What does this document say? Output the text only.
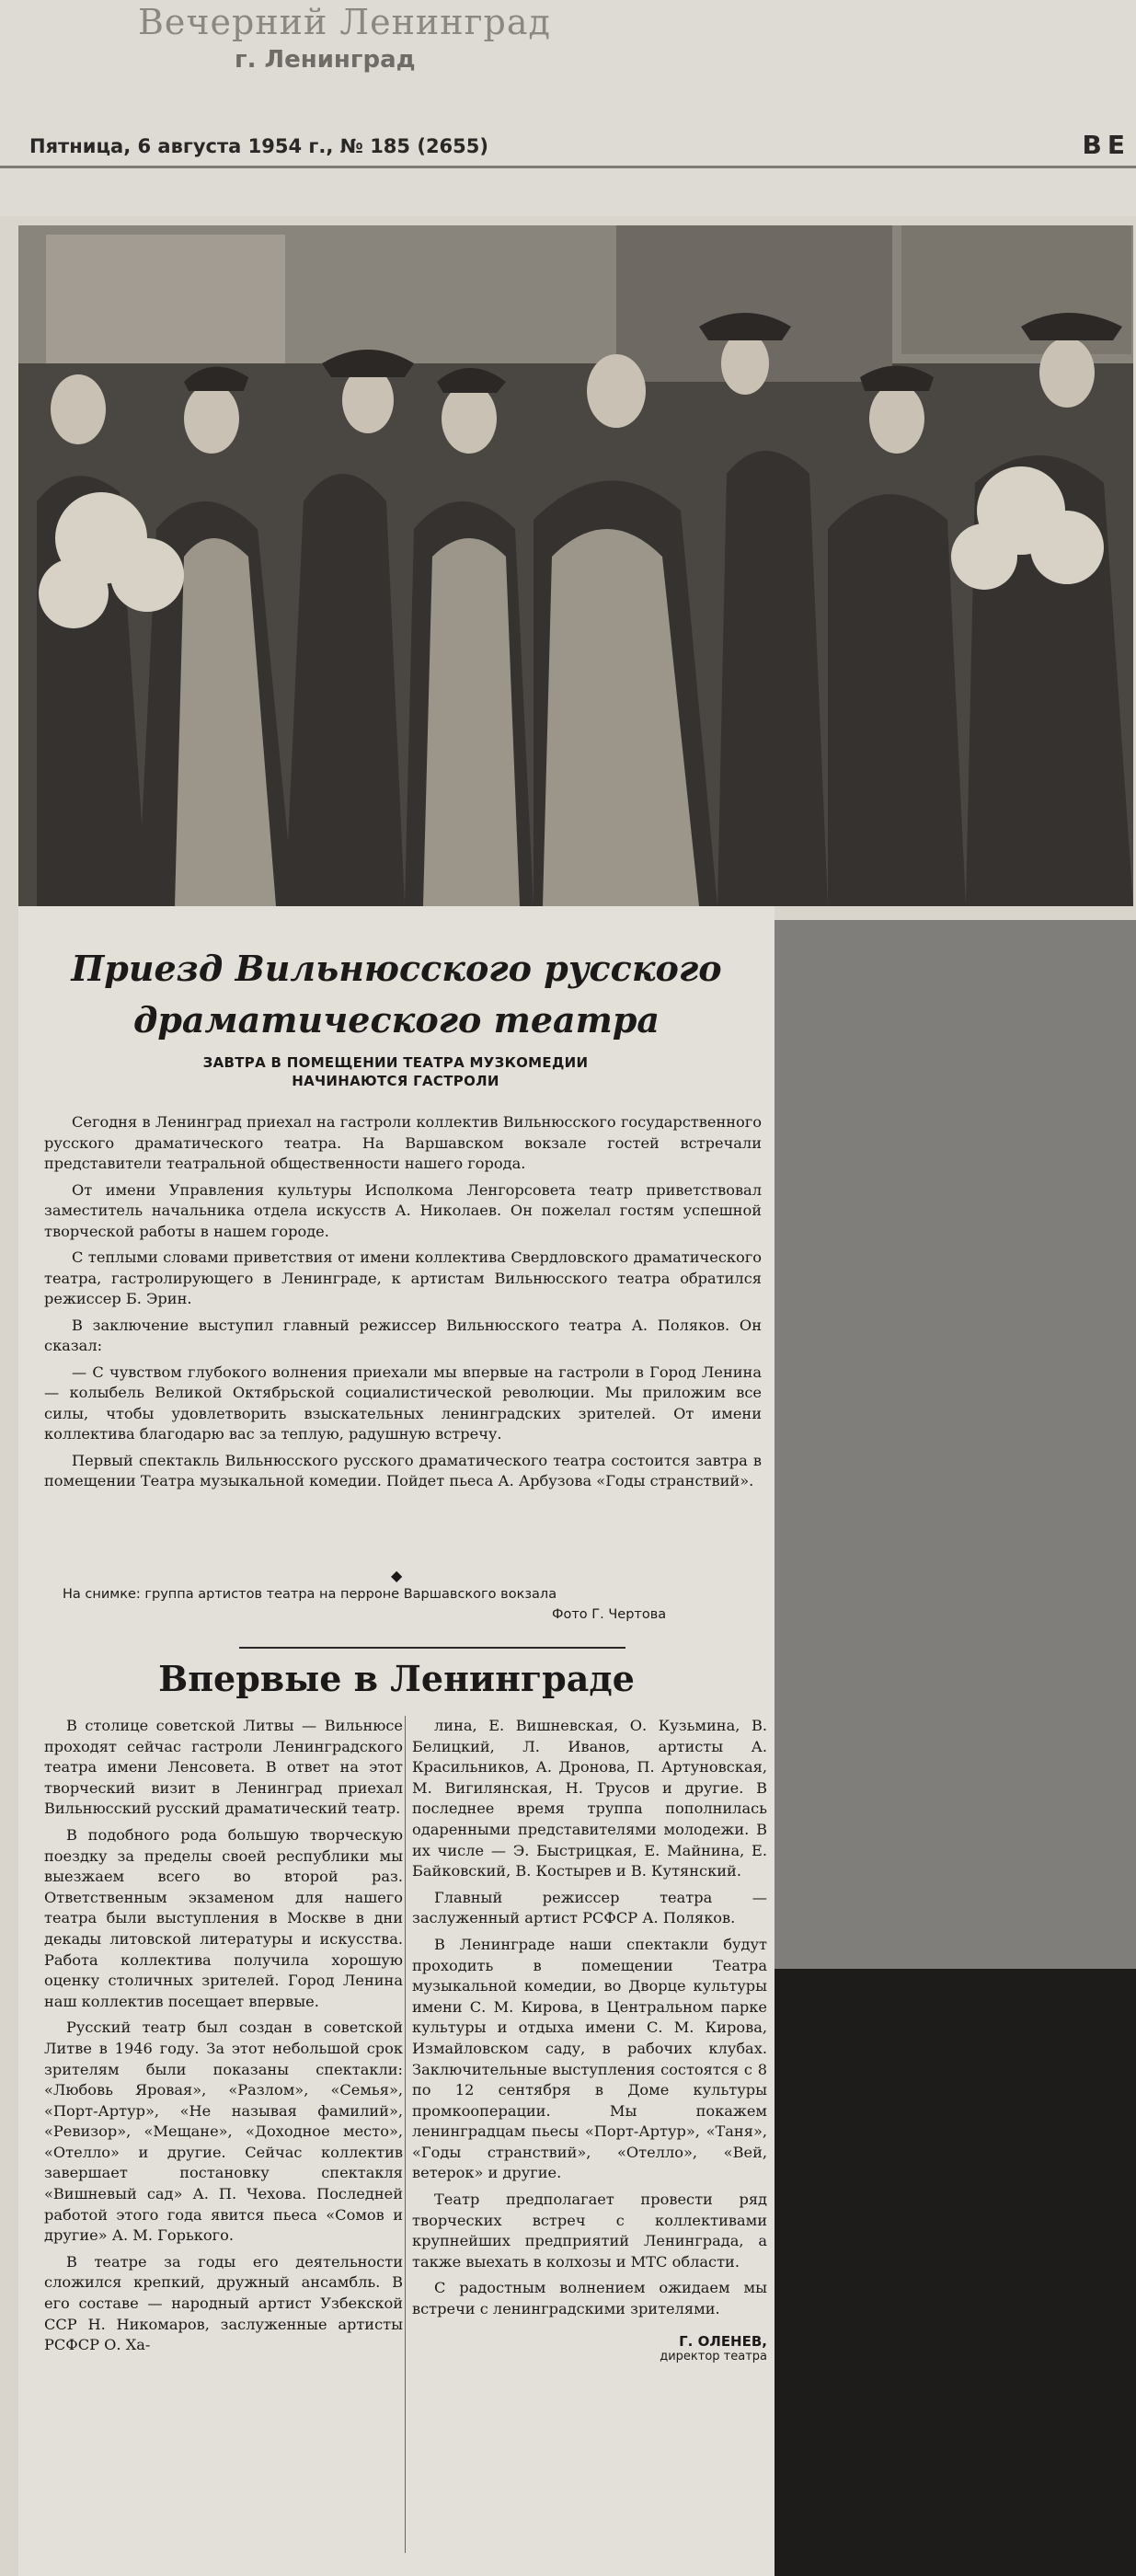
Вечерний Ленинград
г. Ленинград
Пятница, 6 августа 1954 г., № 185 (2655)	ВЕ
Приезд Вильнюсского русского драматического театра
ЗАВТРА В ПОМЕЩЕНИИ ТЕАТРА МУЗКОМЕДИИ НАЧИНАЮТСЯ ГАСТРОЛИ

Сегодня в Ленинград приехал на гастроли коллектив Вильнюсского государственного русского драматического театра. На Варшавском вокзале гостей встречали представители театральной общественности нашего города.

От имени Управления культуры Исполкома Ленгорсовета театр приветствовал заместитель начальника отдела искусств А. Николаев. Он пожелал гостям успешной творческой работы в нашем городе.

С теплыми словами приветствия от имени коллектива Свердловского драматического театра, гастролирующего в Ленинграде, к артистам Вильнюсского театра обратился режиссер Б. Эрин.

В заключение выступил главный режиссер Вильнюсского театра А. Поляков. Он сказал:

— С чувством глубокого волнения приехали мы впервые на гастроли в Город Ленина — колыбель Великой Октябрьской социалистической революции. Мы приложим все силы, чтобы удовлетворить взыскательных ленинградских зрителей. От имени коллектива благодарю вас за теплую, радушную встречу.

Первый спектакль Вильнюсского русского драматического театра состоится завтра в помещении Театра музыкальной комедии. Пойдет пьеса А. Арбузова «Годы странствий».

◆
На снимке: группа артистов театра на перроне Варшавского вокзала
Фото Г. Чертова
Впервые в Ленинграде

В столице советской Литвы — Вильнюсе проходят сейчас гастроли Ленинградского театра имени Ленсовета. В ответ на этот творческий визит в Ленинград приехал Вильнюсский русский драматический театр.

В подобного рода большую творческую поездку за пределы своей республики мы выезжаем всего во второй раз. Ответственным экзаменом для нашего театра были выступления в Москве в дни декады литовской литературы и искусства. Работа коллектива получила хорошую оценку столичных зрителей. Город Ленина наш коллектив посещает впервые.

Русский театр был создан в советской Литве в 1946 году. За этот небольшой срок зрителям были показаны спектакли: «Любовь Яровая», «Разлом», «Семья», «Порт-Артур», «Не называя фамилий», «Ревизор», «Мещане», «Доходное место», «Отелло» и другие. Сейчас коллектив завершает постановку спектакля «Вишневый сад» А. П. Чехова. Последней работой этого года явится пьеса «Сомов и другие» А. М. Горького.

В театре за годы его деятельности сложился крепкий, дружный ансамбль. В его составе — народный артист Узбекской ССР Н. Никомаров, заслуженные артисты РСФСР О. Ха-

лина, Е. Вишневская, О. Кузьмина, В. Белицкий, Л. Иванов, артисты А. Красильников, А. Дронова, П. Артуновская, М. Вигилянская, Н. Трусов и другие. В последнее время труппа пополнилась одаренными представителями молодежи. В их числе — Э. Быстрицкая, Е. Майнина, Е. Байковский, В. Костырев и В. Кутянский.

Главный режиссер театра — заслуженный артист РСФСР А. Поляков.

В Ленинграде наши спектакли будут проходить в помещении Театра музыкальной комедии, во Дворце культуры имени С. М. Кирова, в Центральном парке культуры и отдыха имени С. М. Кирова, Измайловском саду, в рабочих клубах. Заключительные выступления состоятся с 8 по 12 сентября в Доме культуры промкооперации. Мы покажем ленинградцам пьесы «Порт-Артур», «Таня», «Годы странствий», «Отелло», «Вей, ветерок» и другие.

Театр предполагает провести ряд творческих встреч с коллективами крупнейших предприятий Ленинграда, а также выехать в колхозы и МТС области.

С радостным волнением ожидаем мы встречи с ленинградскими зрителями.

Г. ОЛЕНЕВ,
директор театра
